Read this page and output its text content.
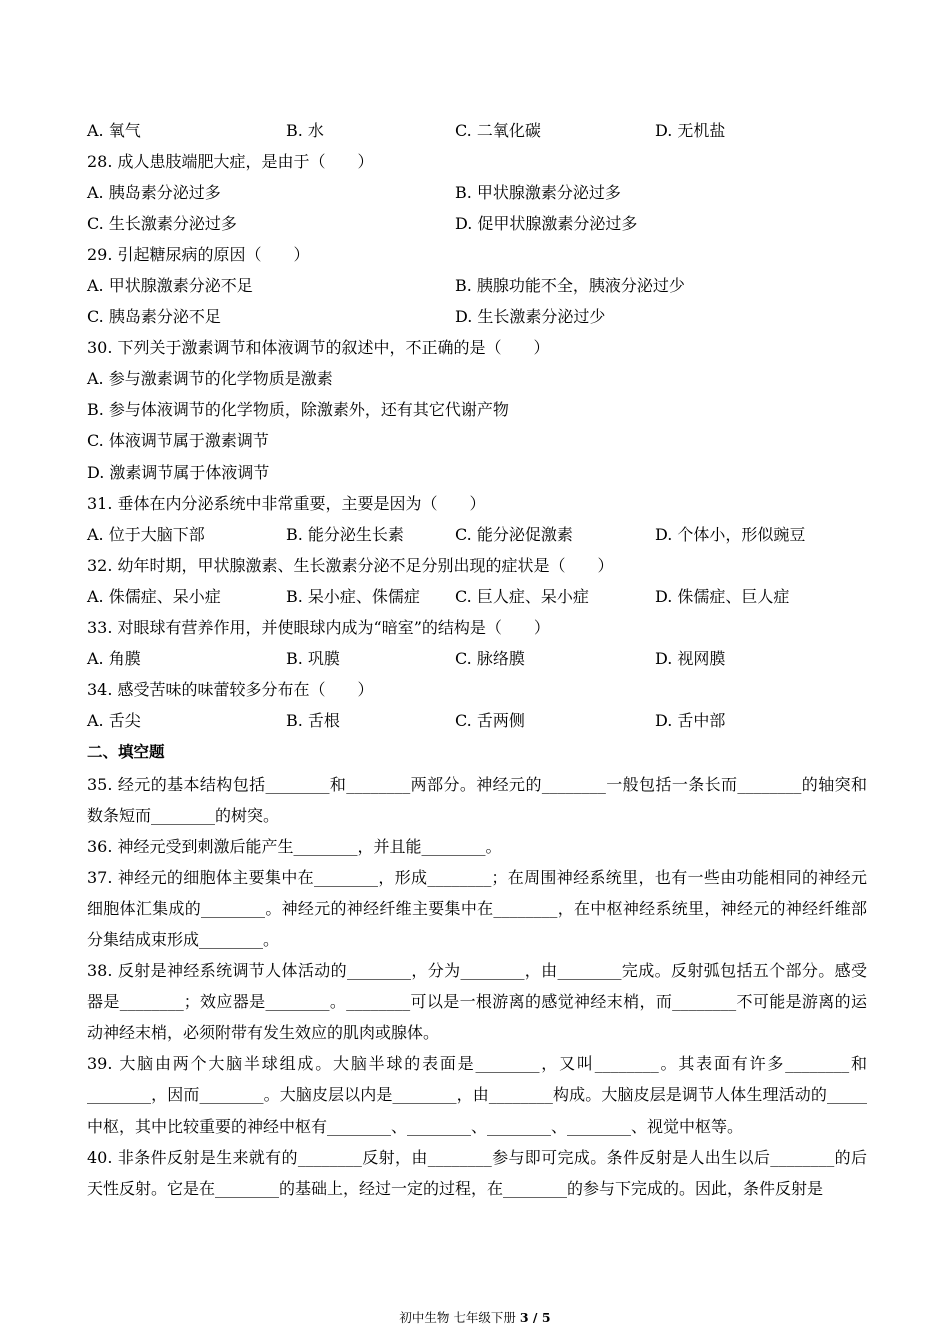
A. 氧气	B. 水	C. 二氧化碳	D. 无机盐
28. 成人患肢端肥大症，是由于（　　）
A. 胰岛素分泌过多	B. 甲状腺激素分泌过多
C. 生长激素分泌过多	D. 促甲状腺激素分泌过多
29. 引起糖尿病的原因（　　）
A. 甲状腺激素分泌不足	B. 胰腺功能不全，胰液分泌过少
C. 胰岛素分泌不足	D. 生长激素分泌过少
30. 下列关于激素调节和体液调节的叙述中，不正确的是（　　）
A. 参与激素调节的化学物质是激素
B. 参与体液调节的化学物质，除激素外，还有其它代谢产物
C. 体液调节属于激素调节
D. 激素调节属于体液调节
31. 垂体在内分泌系统中非常重要，主要是因为（　　）
A. 位于大脑下部	B. 能分泌生长素	C. 能分泌促激素	D. 个体小，形似豌豆
32. 幼年时期，甲状腺激素、生长激素分泌不足分别出现的症状是（　　）
A. 侏儒症、呆小症	B. 呆小症、侏儒症 C. 巨人症、呆小症	D. 侏儒症、巨人症
33. 对眼球有营养作用，并使眼球内成为“暗室”的结构是（　　）
A. 角膜	B. 巩膜	C. 脉络膜	D. 视网膜
34. 感受苦味的味蕾较多分布在（　　）
A. 舌尖	B. 舌根	C. 舌两侧	D. 舌中部
二、填空题
35. 经元的基本结构包括________和________两部分。神经元的________一般包括一条长而________的轴突和数条短而________的树突。
36. 神经元受到刺激后能产生________，并且能________。
37. 神经元的细胞体主要集中在________，形成________；在周围神经系统里，也有一些由功能相同的神经元细胞体汇集成的________。神经元的神经纤维主要集中在________，在中枢神经系统里，神经元的神经纤维部分集结成束形成________。
38. 反射是神经系统调节人体活动的________，分为________，由________完成。反射弧包括五个部分。感受器是________；效应器是________。________可以是一根游离的感觉神经末梢，而________不可能是游离的运动神经末梢，必须附带有发生效应的肌肉或腺体。
39. 大脑由两个大脑半球组成。大脑半球的表面是________，又叫________。其表面有许多________和________，因而________。大脑皮层以内是________，由________构成。大脑皮层是调节人体生理活动的_____中枢，其中比较重要的神经中枢有________、________、________、________、视觉中枢等。
40. 非条件反射是生来就有的________反射，由________参与即可完成。条件反射是人出生以后________的后天性反射。它是在________的基础上，经过一定的过程，在________的参与下完成的。因此，条件反射是
初中生物 七年级下册 3 / 5
